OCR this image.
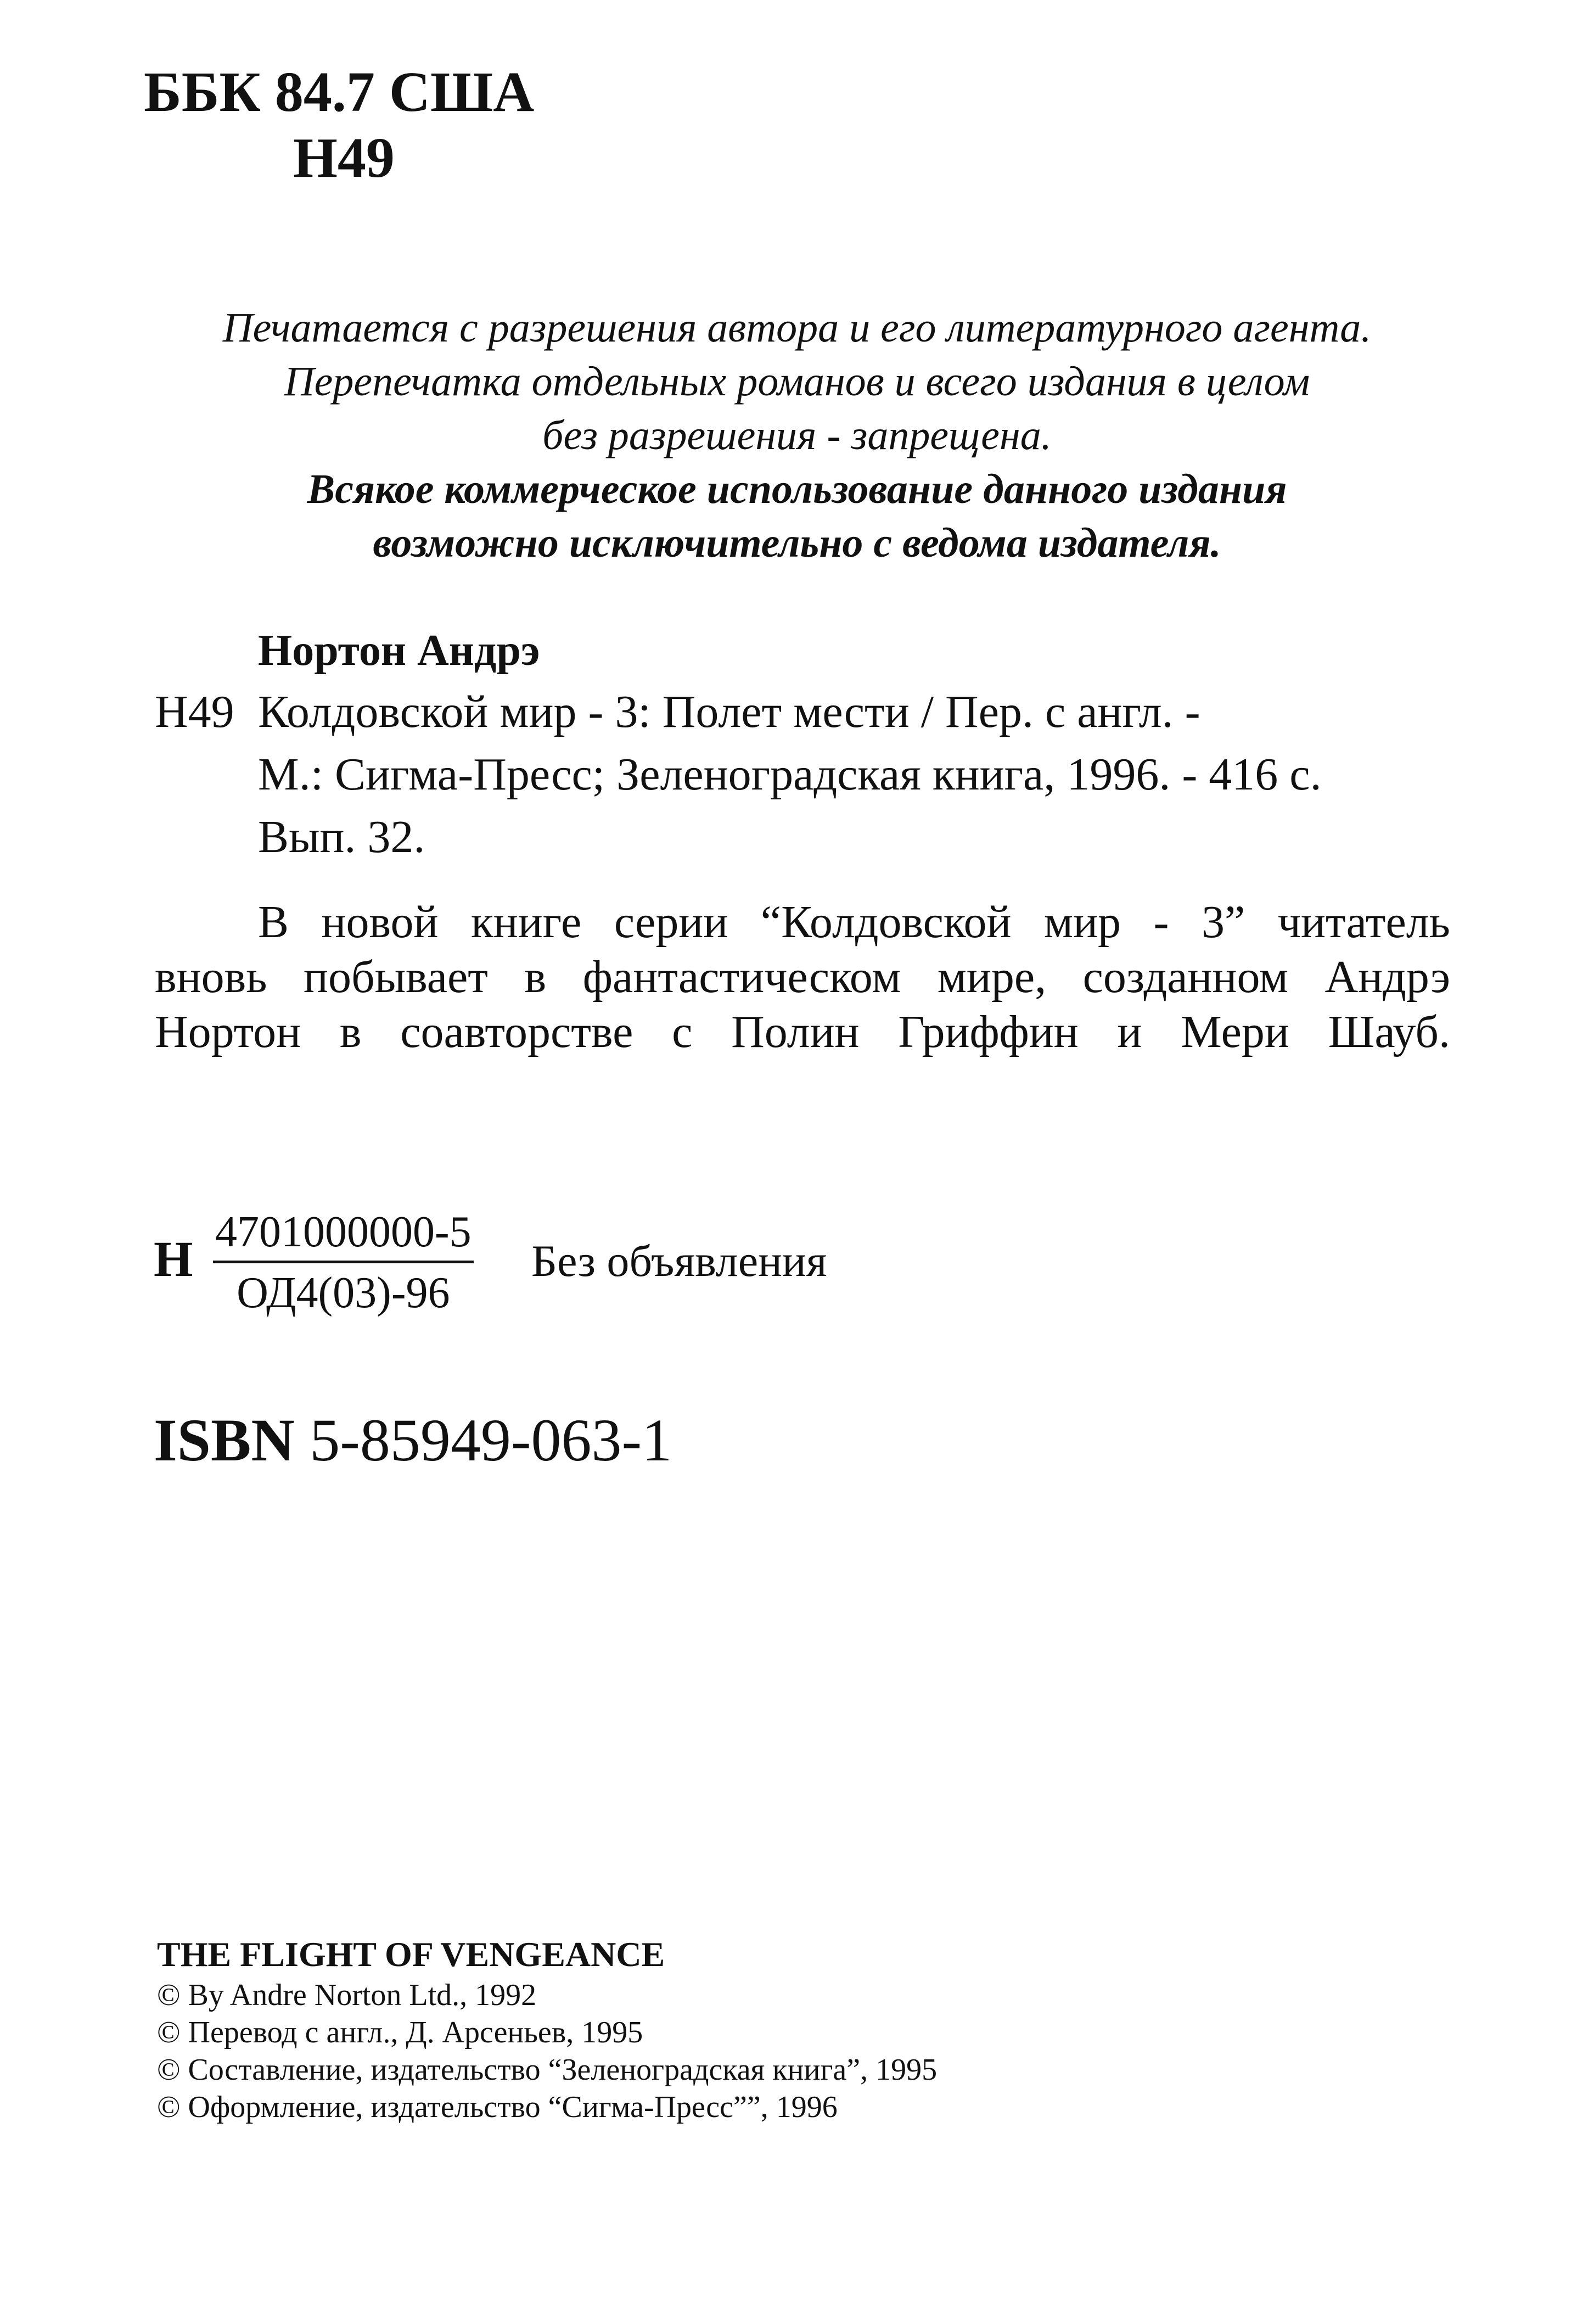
ББК 84.7 США
Н49
Печатается с разрешения автора и его литературного агента.
Перепечатка отдельных романов и всего издания в целом
без разрешения - запрещена.
Всякое коммерческое использование данного издания
возможно исключительно с ведома издателя.
Нортон Андрэ
Н49 Колдовской мир - 3: Полет мести / Пер. с англ. -
М.: Сигма-Пресс; Зеленоградская книга, 1996. - 416 с.
Вып. 32.
В новой книге серии “Колдовской мир - 3” читатель
вновь побывает в фантастическом мире, созданном Андрэ
Нортон в соавторстве с Полин Гриффин и Мери Шауб.
Н 4701000000-5
ОД4(03)-96
Без объявления
ISBN 5-85949-063-1
THE FLIGHT OF VENGEANCE
© By Andre Norton Ltd., 1992
© Перевод с англ., Д. Арсеньев, 1995
© Составление, издательство “Зеленоградская книга”, 1995
© Оформление, издательство “Сигма-Пресс””, 1996
